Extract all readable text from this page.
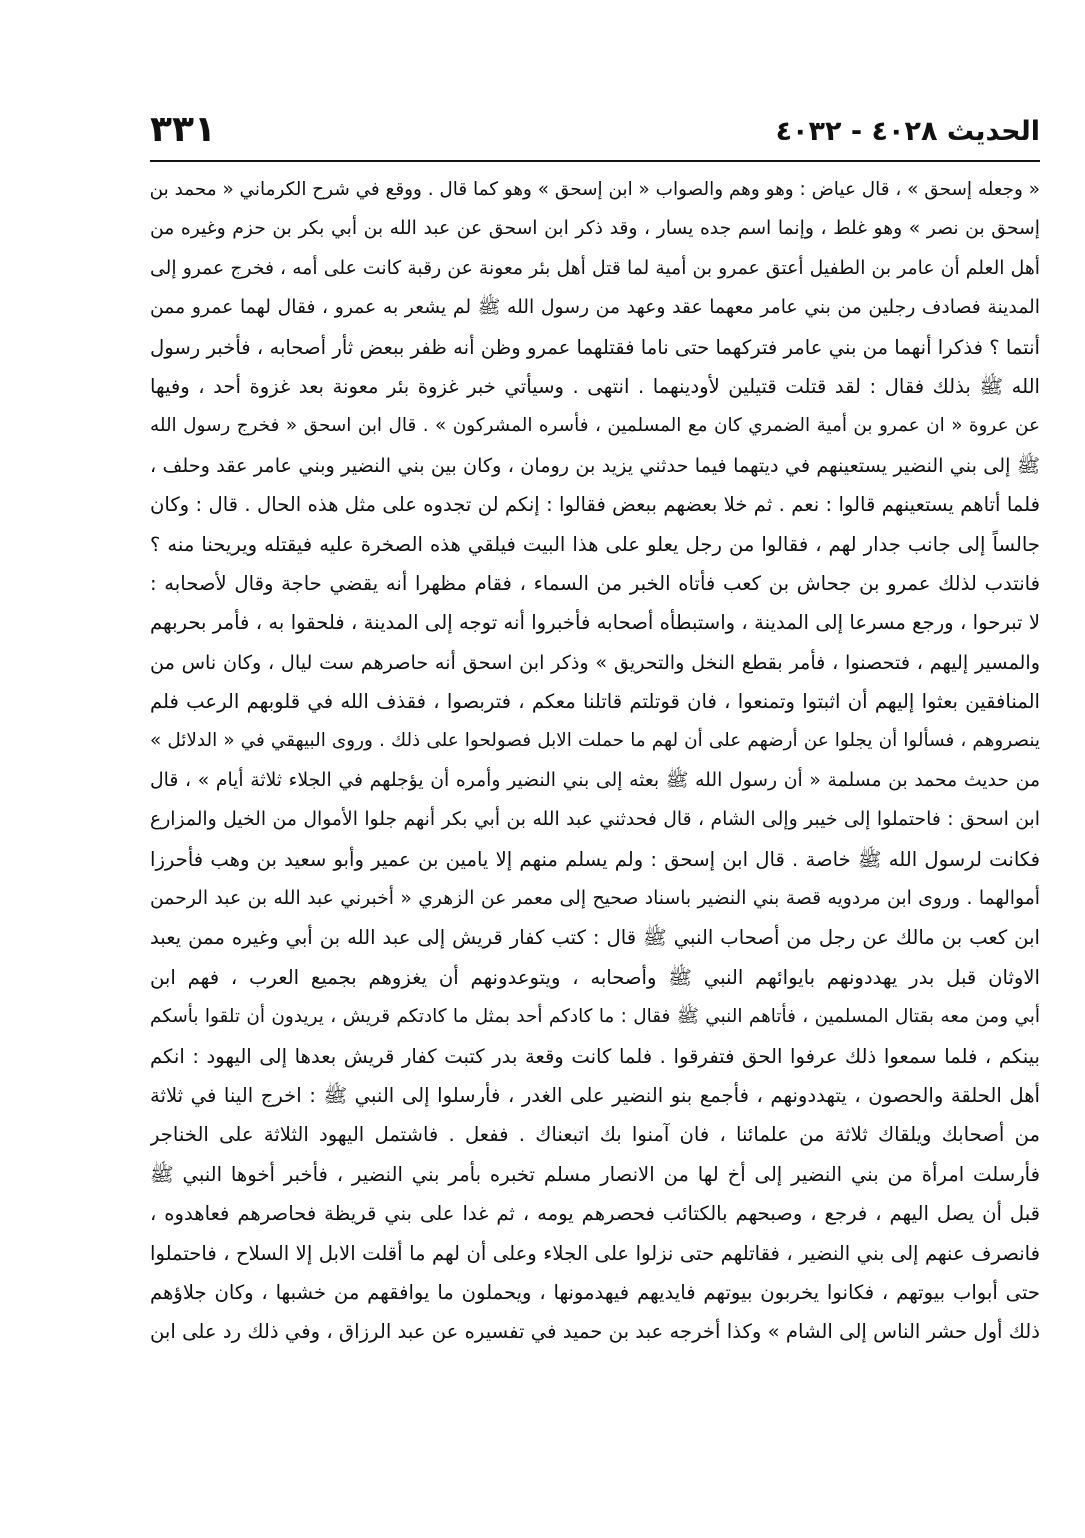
الحديث ٤٠٢٨ - ٤٠٣٢
٣٣١
« وجعله إسحق » ، قال عياض : وهو وهم والصواب « ابن إسحق » وهو كما قال . ووقع في شرح الكرماني « محمد بن
إسحق بن نصر » وهو غلط ، وإنما اسم جده يسار ، وقد ذكر ابن اسحق عن عبد الله بن أبي بكر بن حزم وغيره من
أهل العلم أن عامر بن الطفيل أعتق عمرو بن أمية لما قتل أهل بئر معونة عن رقبة كانت على أمه ، فخرج عمرو إلى
المدينة فصادف رجلين من بني عامر معهما عقد وعهد من رسول الله ﷺ لم يشعر به عمرو ، فقال لهما عمرو ممن
أنتما ؟ فذكرا أنهما من بني عامر فتركهما حتى ناما فقتلهما عمرو وظن أنه ظفر ببعض ثأر أصحابه ، فأخبر رسول
الله ﷺ بذلك فقال : لقد قتلت قتيلين لأودينهما . انتهى . وسيأتي خبر غزوة بئر معونة بعد غزوة أحد ، وفيها
عن عروة « ان عمرو بن أمية الضمري كان مع المسلمين ، فأسره المشركون » . قال ابن اسحق « فخرج رسول الله
ﷺ إلى بني النضير يستعينهم في ديتهما فيما حدثني يزيد بن رومان ، وكان بين بني النضير وبني عامر عقد وحلف ،
فلما أتاهم يستعينهم قالوا : نعم . ثم خلا بعضهم ببعض فقالوا : إنكم لن تجدوه على مثل هذه الحال . قال : وكان
جالساً إلى جانب جدار لهم ، فقالوا من رجل يعلو على هذا البيت فيلقي هذه الصخرة عليه فيقتله ويريحنا منه ؟
فانتدب لذلك عمرو بن جحاش بن كعب فأتاه الخبر من السماء ، فقام مظهرا أنه يقضي حاجة وقال لأصحابه :
لا تبرحوا ، ورجع مسرعا إلى المدينة ، واستبطأه أصحابه فأخبروا أنه توجه إلى المدينة ، فلحقوا به ، فأمر بحربهم
والمسير إليهم ، فتحصنوا ، فأمر بقطع النخل والتحريق » وذكر ابن اسحق أنه حاصرهم ست ليال ، وكان ناس من
المنافقين بعثوا إليهم أن اثبتوا وتمنعوا ، فان قوتلتم قاتلنا معكم ، فتربصوا ، فقذف الله في قلوبهم الرعب فلم
ينصروهم ، فسألوا أن يجلوا عن أرضهم على أن لهم ما حملت الابل فصولحوا على ذلك . وروى البيهقي في « الدلائل »
من حديث محمد بن مسلمة « أن رسول الله ﷺ بعثه إلى بني النضير وأمره أن يؤجلهم في الجلاء ثلاثة أيام » ، قال
ابن اسحق : فاحتملوا إلى خيبر وإلى الشام ، قال فحدثني عبد الله بن أبي بكر أنهم جلوا الأموال من الخيل والمزارع
فكانت لرسول الله ﷺ خاصة . قال ابن إسحق : ولم يسلم منهم إلا يامين بن عمير وأبو سعيد بن وهب فأحرزا
أموالهما . وروى ابن مردويه قصة بني النضير باسناد صحيح إلى معمر عن الزهري « أخبرني عبد الله بن عبد الرحمن
ابن كعب بن مالك عن رجل من أصحاب النبي ﷺ قال : كتب كفار قريش إلى عبد الله بن أبي وغيره ممن يعبد
الاوثان قبل بدر يهددونهم بايوائهم النبي ﷺ وأصحابه ، ويتوعدونهم أن يغزوهم بجميع العرب ، فهم ابن
أبي ومن معه بقتال المسلمين ، فأتاهم النبي ﷺ فقال : ما كادكم أحد بمثل ما كادتكم قريش ، يريدون أن تلقوا بأسكم
بينكم ، فلما سمعوا ذلك عرفوا الحق فتفرقوا . فلما كانت وقعة بدر كتبت كفار قريش بعدها إلى اليهود : انكم
أهل الحلقة والحصون ، يتهددونهم ، فأجمع بنو النضير على الغدر ، فأرسلوا إلى النبي ﷺ : اخرج الينا في ثلاثة
من أصحابك ويلقاك ثلاثة من علمائنا ، فان آمنوا بك اتبعناك . ففعل . فاشتمل اليهود الثلاثة على الخناجر
فأرسلت امرأة من بني النضير إلى أخ لها من الانصار مسلم تخبره بأمر بني النضير ، فأخبر أخوها النبي ﷺ
قبل أن يصل اليهم ، فرجع ، وصبحهم بالكتائب فحصرهم يومه ، ثم غدا على بني قريظة فحاصرهم فعاهدوه ،
فانصرف عنهم إلى بني النضير ، فقاتلهم حتى نزلوا على الجلاء وعلى أن لهم ما أقلت الابل إلا السلاح ، فاحتملوا
حتى أبواب بيوتهم ، فكانوا يخربون بيوتهم فايديهم فيهدمونها ، ويحملون ما يوافقهم من خشبها ، وكان جلاؤهم
ذلك أول حشر الناس إلى الشام » وكذا أخرجه عبد بن حميد في تفسيره عن عبد الرزاق ، وفي ذلك رد على ابن
